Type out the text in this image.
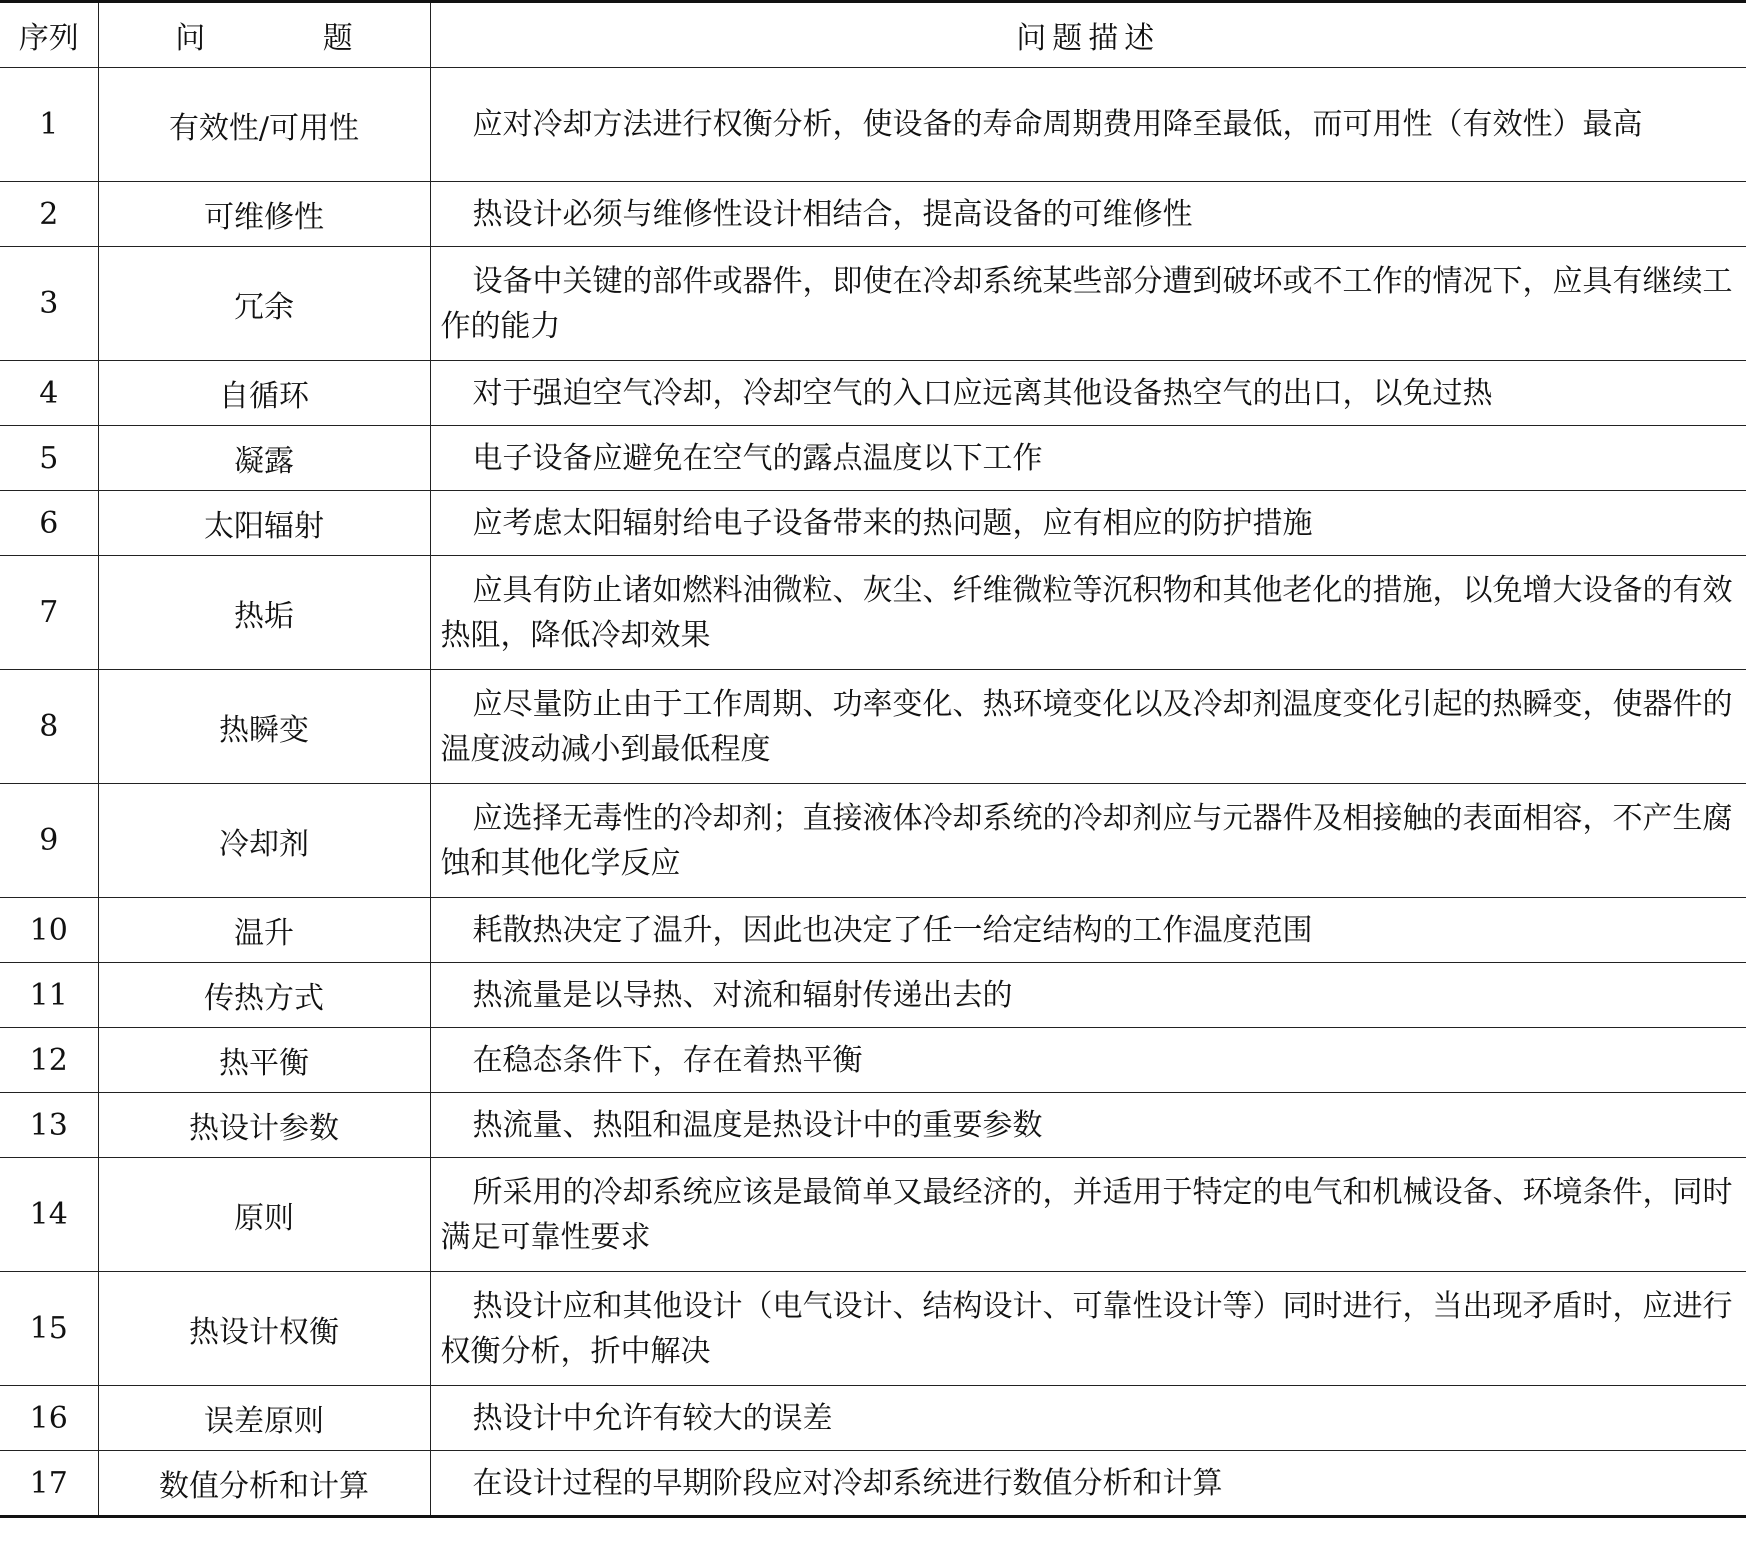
序列	问 题	问题描述
1	有效性/可用性	应对冷却方法进行权衡分析，使设备的寿命周期费用降至最低，而可用性（有效性）最高
2	可维修性	热设计必须与维修性设计相结合，提高设备的可维修性
3	冗余	设备中关键的部件或器件，即使在冷却系统某些部分遭到破坏或不工作的情况下，应具有继续工作的能力
4	自循环	对于强迫空气冷却，冷却空气的入口应远离其他设备热空气的出口，以免过热
5	凝露	电子设备应避免在空气的露点温度以下工作
6	太阳辐射	应考虑太阳辐射给电子设备带来的热问题，应有相应的防护措施
7	热垢	应具有防止诸如燃料油微粒、灰尘、纤维微粒等沉积物和其他老化的措施，以免增大设备的有效热阻，降低冷却效果
8	热瞬变	应尽量防止由于工作周期、功率变化、热环境变化以及冷却剂温度变化引起的热瞬变，使器件的温度波动减小到最低程度
9	冷却剂	应选择无毒性的冷却剂；直接液体冷却系统的冷却剂应与元器件及相接触的表面相容，不产生腐蚀和其他化学反应
10	温升	耗散热决定了温升，因此也决定了任一给定结构的工作温度范围
11	传热方式	热流量是以导热、对流和辐射传递出去的
12	热平衡	在稳态条件下，存在着热平衡
13	热设计参数	热流量、热阻和温度是热设计中的重要参数
14	原则	所采用的冷却系统应该是最简单又最经济的，并适用于特定的电气和机械设备、环境条件，同时满足可靠性要求
15	热设计权衡	热设计应和其他设计（电气设计、结构设计、可靠性设计等）同时进行，当出现矛盾时，应进行权衡分析，折中解决
16	误差原则	热设计中允许有较大的误差
17	数值分析和计算	在设计过程的早期阶段应对冷却系统进行数值分析和计算
